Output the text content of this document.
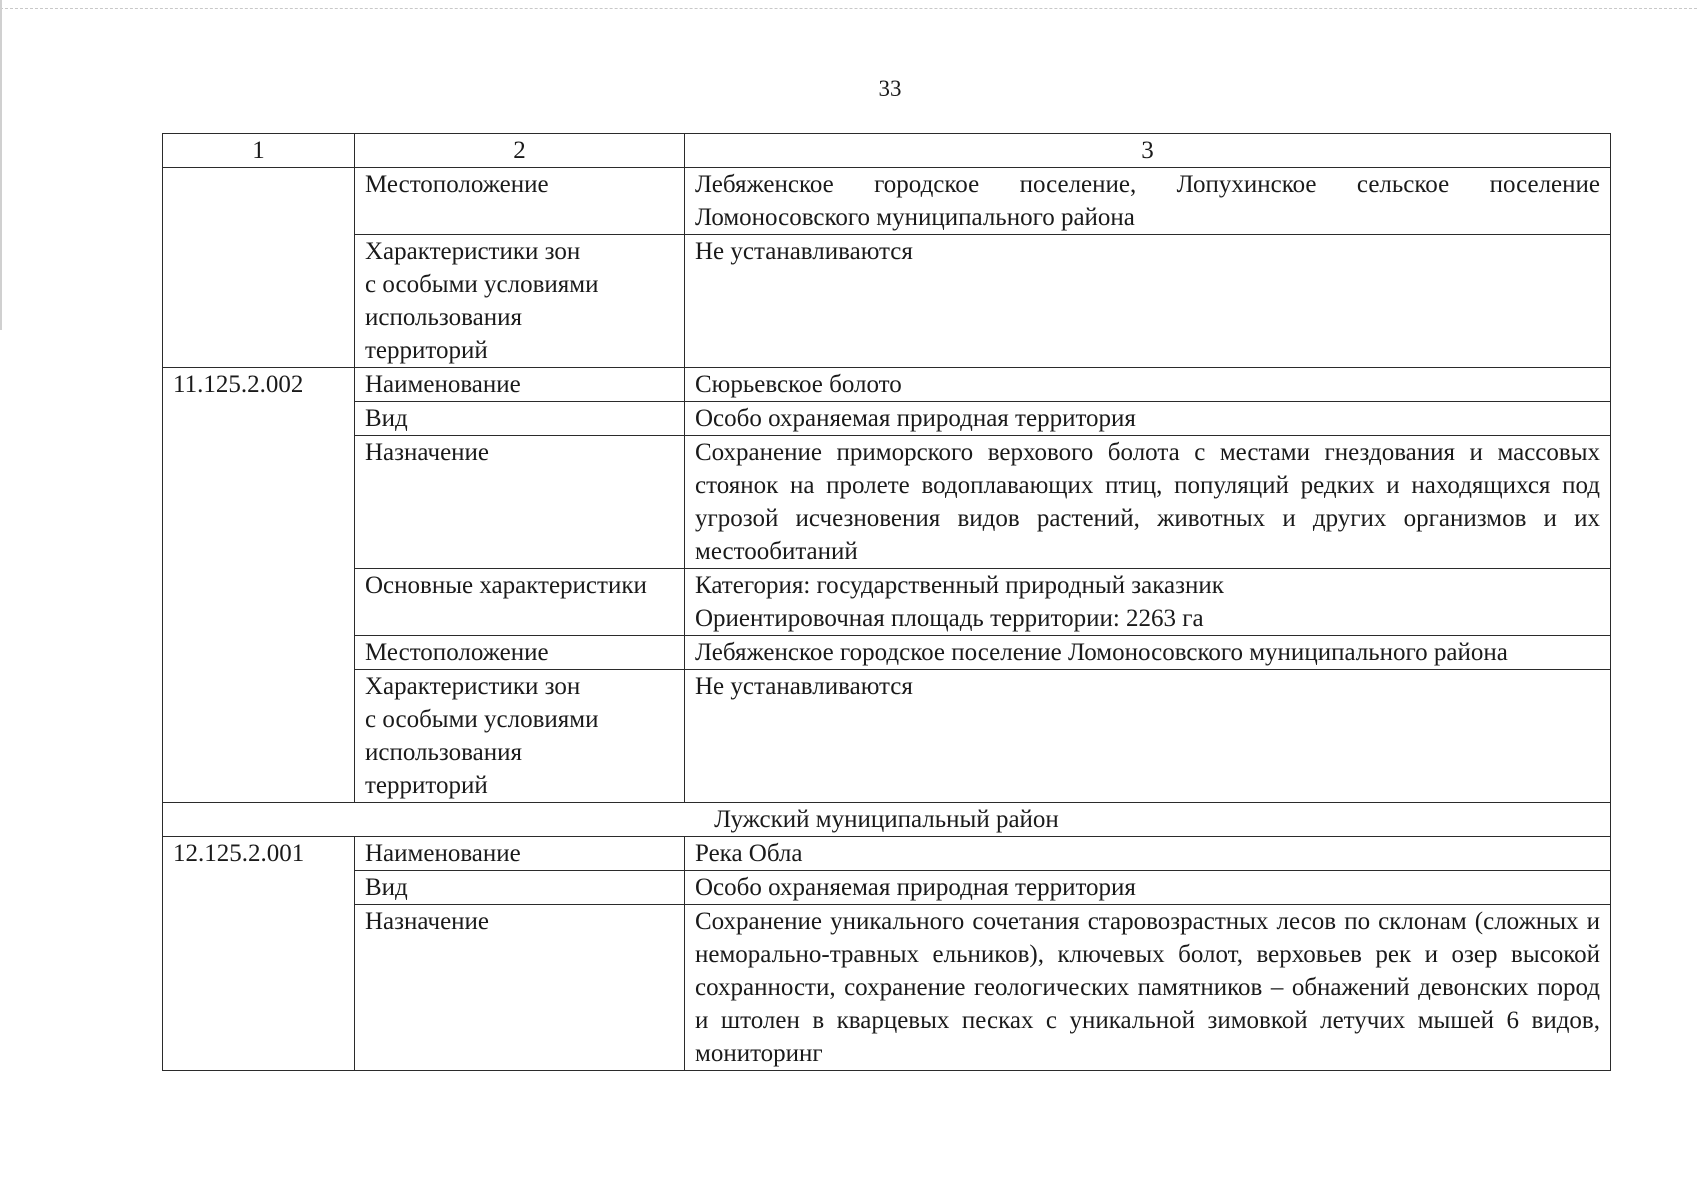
33
1	2	3
	Местоположение	Лебяженское городское поселение, Лопухинское сельское поселение Ломоносовского муниципального района

	Характеристики зон
с особыми условиями
использования
территорий	Не устанавливаются
11.125.2.002	Наименование	Сюрьевское болото
	Вид	Особо охраняемая природная территория
	Назначение	Сохранение приморского верхового болота с местами гнездования и массовых стоянок на пролете водоплавающих птиц, популяций редких и находящихся под угрозой исчезновения видов растений, животных и других организмов и их местообитаний
	Основные характеристики	Категория: государственный природный заказник
Ориентировочная площадь территории: 2263 га

	Местоположение	Лебяженское городское поселение Ломоносовского муниципального района

	Характеристики зон
с особыми условиями
использования
территорий	Не устанавливаются
Лужский муниципальный район		
12.125.2.001	Наименование	Река Обла
	Вид	Особо охраняемая природная территория
	Назначение	Сохранение уникального сочетания старовозрастных лесов по склонам (сложных и неморально-травных ельников), ключевых болот, верховьев рек и озер высокой сохранности, сохранение геологических памятников – обнажений девонских пород и штолен в кварцевых песках с уникальной зимовкой летучих мышей 6 видов, мониторинг
